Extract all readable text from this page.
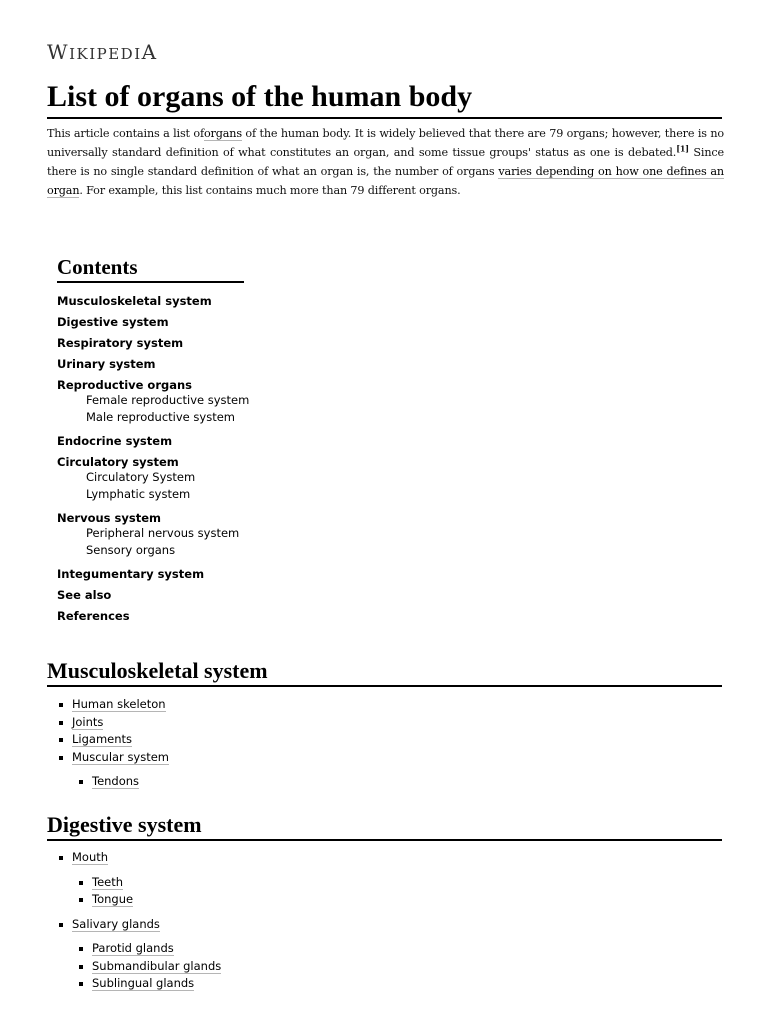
WIKIPEDIA
List of organs of the human body

This article contains a list oforgans of the human body. It is widely believed that there are 79 organs; however, there is no universally standard definition of what constitutes an organ, and some tissue groups' status as one is debated.[1] Since there is no single standard definition of what an organ is, the number of organs varies depending on how one defines an organ. For example, this list contains much more than 79 different organs.

Contents
Musculoskeletal system
Digestive system
Respiratory system
Urinary system
Reproductive organs
Female reproductive system
Male reproductive system
Endocrine system
Circulatory system
Circulatory System
Lymphatic system
Nervous system
Peripheral nervous system
Sensory organs
Integumentary system
See also
References
Musculoskeletal system
Human skeleton
Joints
Ligaments
Muscular system
Tendons
Digestive system
Mouth
Teeth
Tongue
Salivary glands
Parotid glands
Submandibular glands
Sublingual glands
